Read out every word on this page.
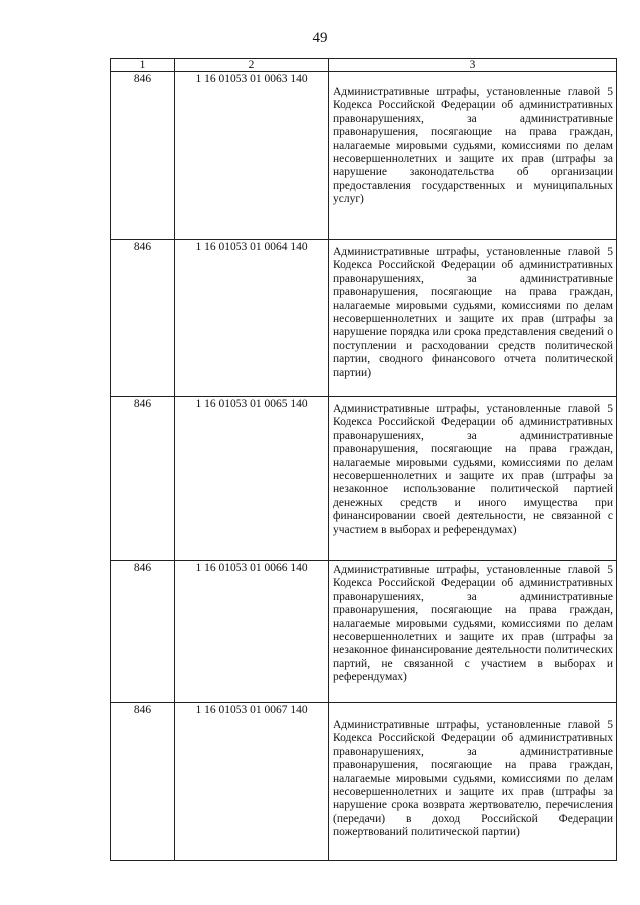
49
1	2	3
846	1 16 01053 01 0063 140	Административные штрафы, установленные главой 5 Кодекса Российской Федерации об административных правонарушениях, за административные правонарушения, посягающие на права граждан, налагаемые мировыми судьями, комиссиями по делам несовершеннолетних и защите их прав (штрафы за нарушение законодательства об организации предоставления государственных и муниципальных услуг)
846	1 16 01053 01 0064 140	Административные штрафы, установленные главой 5 Кодекса Российской Федерации об административных правонарушениях, за административные правонарушения, посягающие на права граждан, налагаемые мировыми судьями, комиссиями по делам несовершеннолетних и защите их прав (штрафы за нарушение порядка или срока представления сведений о поступлении и расходовании средств политической партии, сводного финансового отчета политической партии)
846	1 16 01053 01 0065 140	Административные штрафы, установленные главой 5 Кодекса Российской Федерации об административных правонарушениях, за административные правонарушения, посягающие на права граждан, налагаемые мировыми судьями, комиссиями по делам несовершеннолетних и защите их прав (штрафы за незаконное использование политической партией денежных средств и иного имущества при финансировании своей деятельности, не связанной с участием в выборах и референдумах)
846	1 16 01053 01 0066 140	Административные штрафы, установленные главой 5 Кодекса Российской Федерации об административных правонарушениях, за административные правонарушения, посягающие на права граждан, налагаемые мировыми судьями, комиссиями по делам несовершеннолетних и защите их прав (штрафы за незаконное финансирование деятельности политических партий, не связанной с участием в выборах и референдумах)
846	1 16 01053 01 0067 140	Административные штрафы, установленные главой 5 Кодекса Российской Федерации об административных правонарушениях, за административные правонарушения, посягающие на права граждан, налагаемые мировыми судьями, комиссиями по делам несовершеннолетних и защите их прав (штрафы за нарушение срока возврата жертвователю, перечисления (передачи) в доход Российской Федерации пожертвований политической партии)
